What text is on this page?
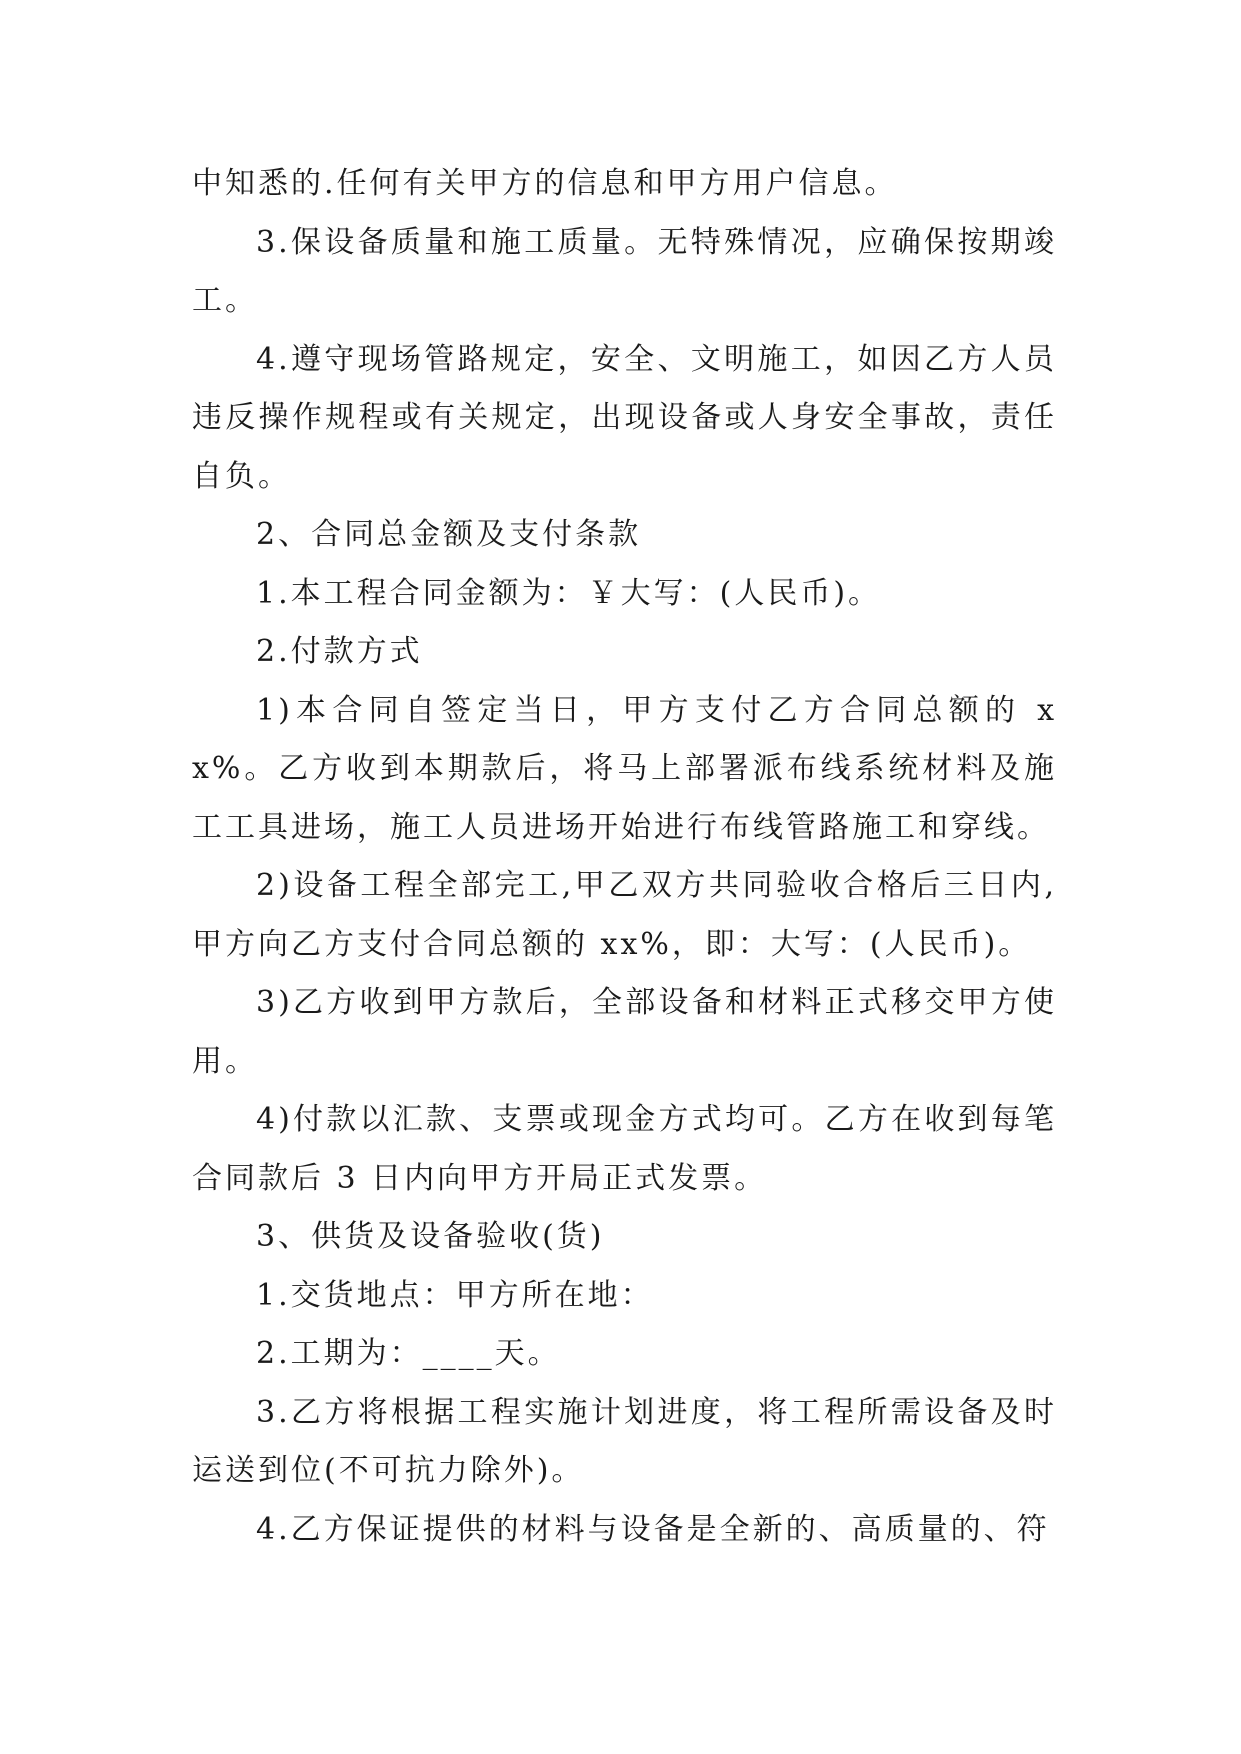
中知悉的.任何有关甲方的信息和甲方用户信息。

3.保设备质量和施工质量。无特殊情况，应确保按期竣工。

4.遵守现场管路规定，安全、文明施工，如因乙方人员违反操作规程或有关规定，出现设备或人身安全事故，责任自负。

2、合同总金额及支付条款

1.本工程合同金额为：￥大写：(人民币)。

2.付款方式

1)本合同自签定当日，甲方支付乙方合同总额的 xx%。乙方收到本期款后，将马上部署派布线系统材料及施工工具进场，施工人员进场开始进行布线管路施工和穿线。

2)设备工程全部完工,甲乙双方共同验收合格后三日内,甲方向乙方支付合同总额的 xx%，即：大写：(人民币)。

3)乙方收到甲方款后，全部设备和材料正式移交甲方使用。

4)付款以汇款、支票或现金方式均可。乙方在收到每笔合同款后 3 日内向甲方开局正式发票。

3、供货及设备验收(货)

1.交货地点：甲方所在地：

2.工期为：____天。

3.乙方将根据工程实施计划进度，将工程所需设备及时运送到位(不可抗力除外)。

4.乙方保证提供的材料与设备是全新的、高质量的、符
